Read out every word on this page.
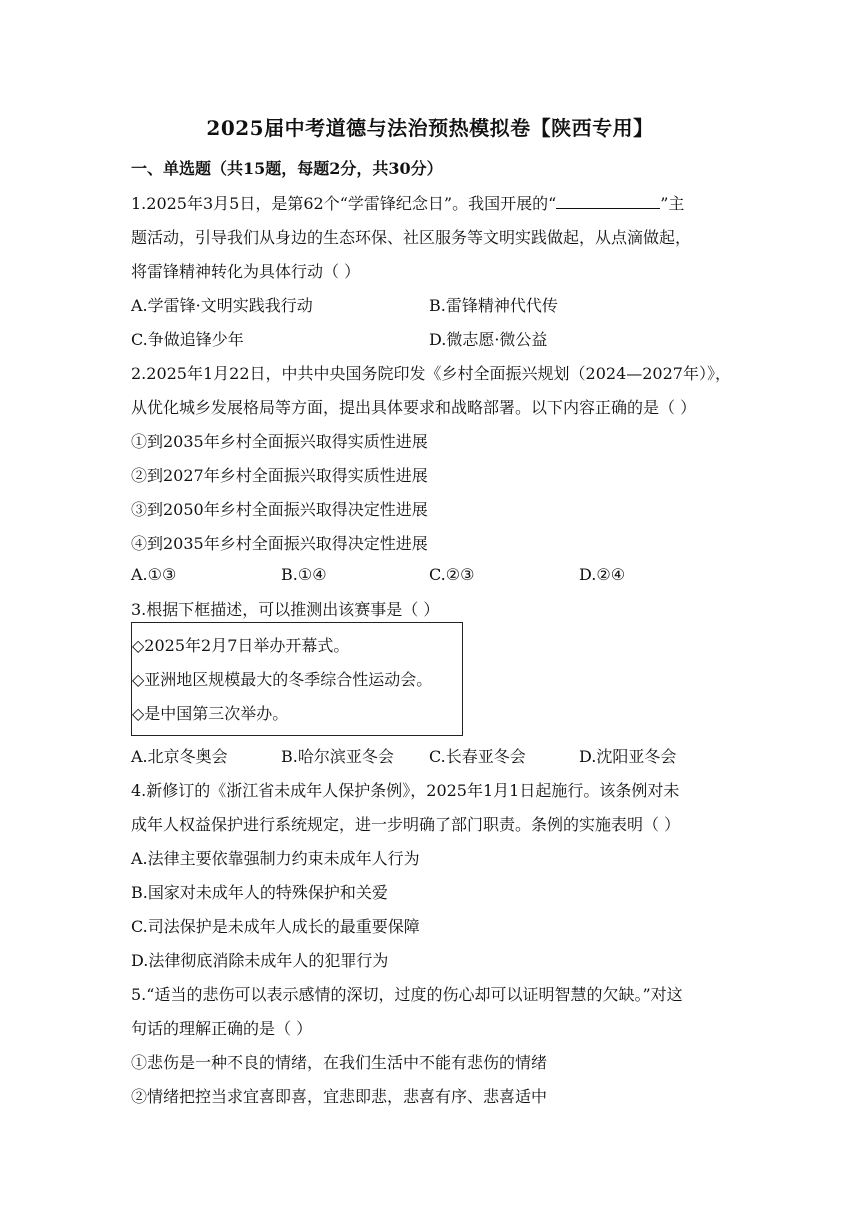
2025届中考道德与法治预热模拟卷【陕西专用】
一、单选题（共15题，每题2分，共30分）
1.2025年3月5日，是第62个“学雷锋纪念日”。我国开展的“	”主
题活动，引导我们从身边的生态环保、社区服务等文明实践做起，从点滴做起，
将雷锋精神转化为具体行动（ ）
A.学雷锋·文明实践我行动	B.雷锋精神代代传
C.争做追锋少年	D.微志愿·微公益
2.2025年1月22日，中共中央国务院印发《乡村全面振兴规划（2024—2027年）》，
从优化城乡发展格局等方面，提出具体要求和战略部署。以下内容正确的是（ ）
①到2035年乡村全面振兴取得实质性进展
②到2027年乡村全面振兴取得实质性进展
③到2050年乡村全面振兴取得决定性进展
④到2035年乡村全面振兴取得决定性进展
A.①③	B.①④	C.②③	D.②④
3.根据下框描述，可以推测出该赛事是（ ）
◇2025年2月7日举办开幕式。
◇亚洲地区规模最大的冬季综合性运动会。
◇是中国第三次举办。
A.北京冬奥会	B.哈尔滨亚冬会 C.长春亚冬会	D.沈阳亚冬会
4.新修订的《浙江省未成年人保护条例》，2025年1月1日起施行。该条例对未
成年人权益保护进行系统规定，进一步明确了部门职责。条例的实施表明（ ）
A.法律主要依靠强制力约束未成年人行为
B.国家对未成年人的特殊保护和关爱
C.司法保护是未成年人成长的最重要保障
D.法律彻底消除未成年人的犯罪行为
5.“适当的悲伤可以表示感情的深切，过度的伤心却可以证明智慧的欠缺。”对这
句话的理解正确的是（ ）
①悲伤是一种不良的情绪，在我们生活中不能有悲伤的情绪
②情绪把控当求宜喜即喜，宜悲即悲，悲喜有序、悲喜适中
